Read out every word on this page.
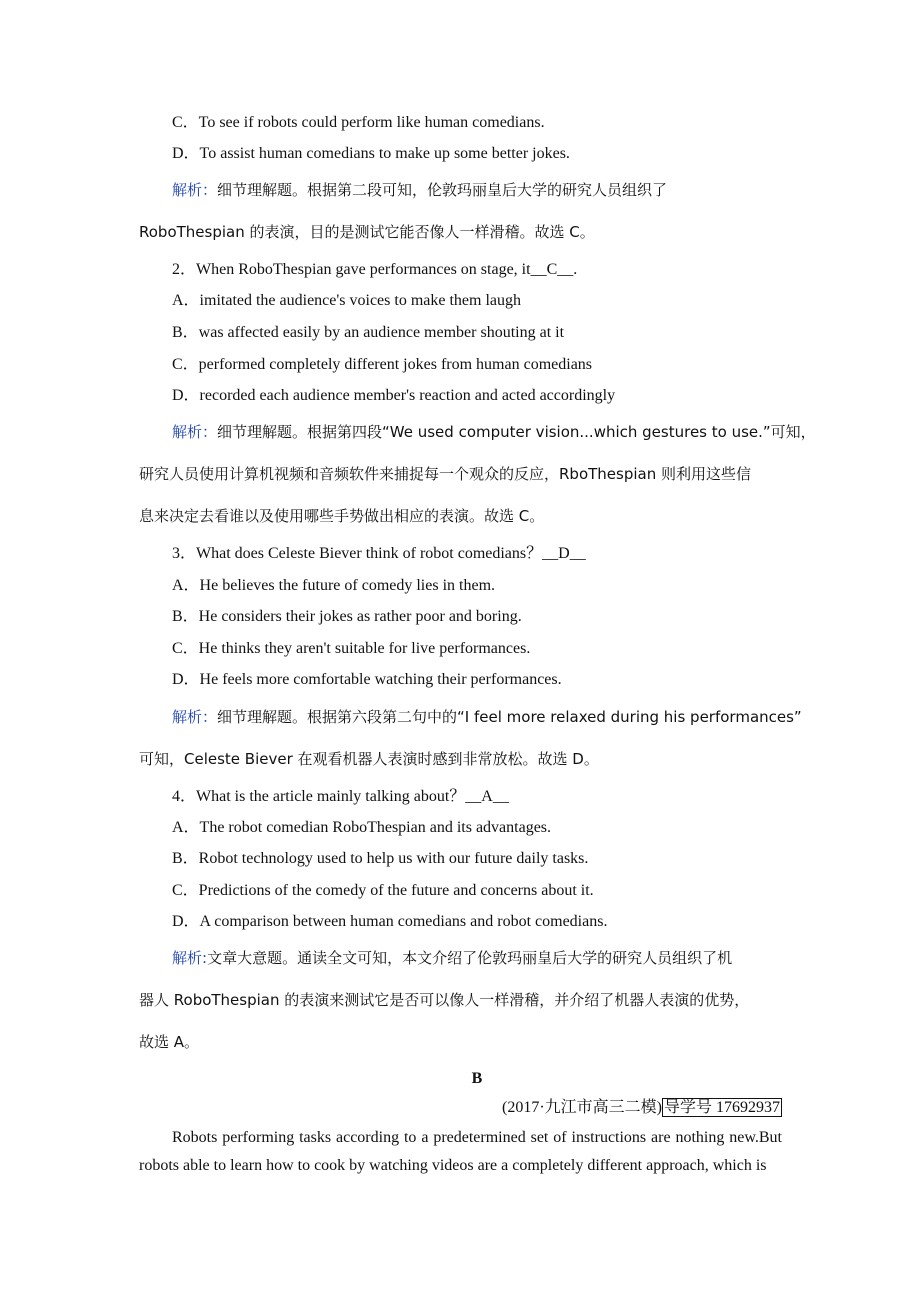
C．To see if robots could perform like human comedians.
D．To assist human comedians to make up some better jokes.
解析：细节理解题。根据第二段可知，伦敦玛丽皇后大学的研究人员组织了
RoboThespian 的表演，目的是测试它能否像人一样滑稽。故选 C。
2．When RoboThespian gave performances on stage, it__C__.
A．imitated the audience's voices to make them laugh
B．was affected easily by an audience member shouting at it
C．performed completely different jokes from human comedians
D．recorded each audience member's reaction and acted accordingly
解析：细节理解题。根据第四段“We used computer vision...which gestures to use.”可知，
研究人员使用计算机视频和音频软件来捕捉每一个观众的反应，RboThespian 则利用这些信
息来决定去看谁以及使用哪些手势做出相应的表演。故选 C。
3．What does Celeste Biever think of robot comedians？__D__
A．He believes the future of comedy lies in them.
B．He considers their jokes as rather poor and boring.
C．He thinks they aren't suitable for live performances.
D．He feels more comfortable watching their performances.
解析：细节理解题。根据第六段第二句中的“I feel more relaxed during his performances”
可知，Celeste Biever 在观看机器人表演时感到非常放松。故选 D。
4．What is the article mainly talking about？__A__
A．The robot comedian RoboThespian and its advantages.
B．Robot technology used to help us with our future daily tasks.
C．Predictions of the comedy of the future and concerns about it.
D．A comparison between human comedians and robot comedians.
解析:文章大意题。通读全文可知，本文介绍了伦敦玛丽皇后大学的研究人员组织了机
器人 RoboThespian 的表演来测试它是否可以像人一样滑稽，并介绍了机器人表演的优势，
故选 A。
B
(2017·九江市高三二模) 导学号 17692937
Robots performing tasks according to a predetermined set of instructions are nothing new.But robots able to learn how to cook by watching videos are a completely different approach, which is
